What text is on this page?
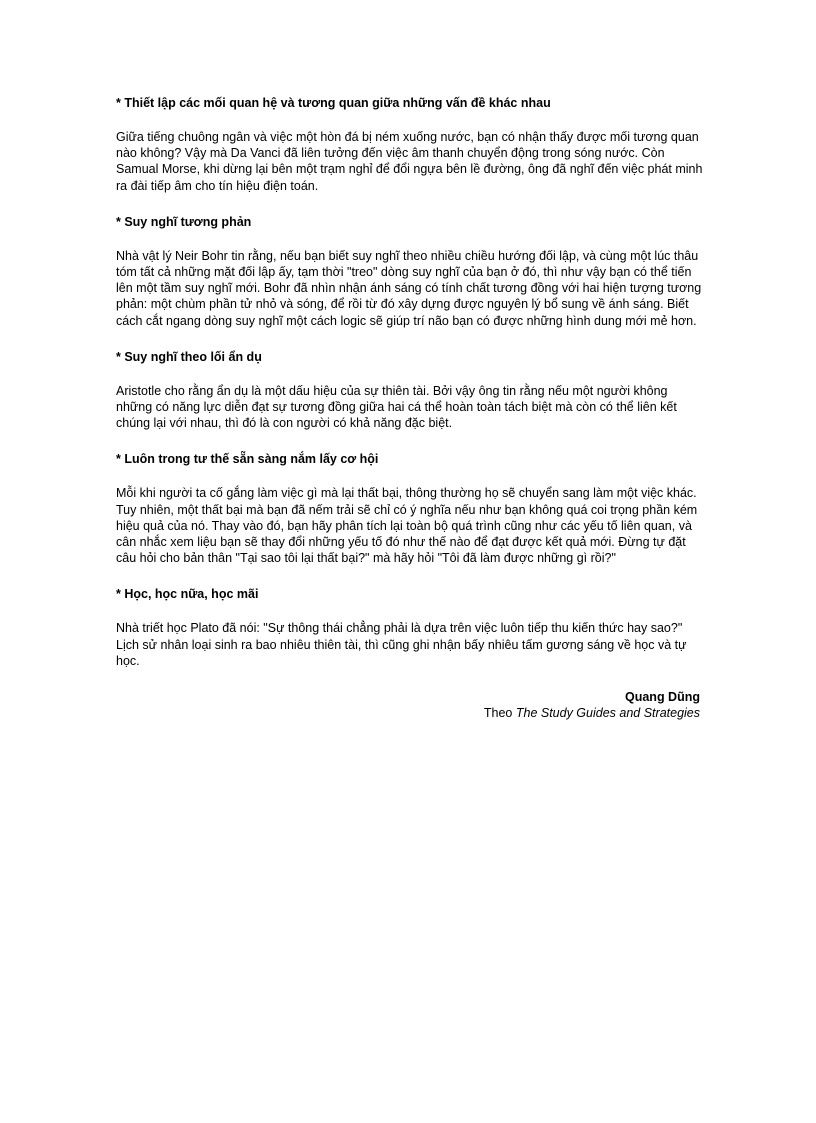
* Thiết lập các mối quan hệ và tương quan giữa những vấn đề khác nhau

Giữa tiếng chuông ngân và việc một hòn đá bị ném xuống nước, bạn có nhận thấy được mối tương quan nào không? Vậy mà Da Vanci đã liên tưởng đến việc âm thanh chuyển động trong sóng nước. Còn Samual Morse, khi dừng lại bên một trạm nghỉ để đổi ngựa bên lề đường, ông đã nghĩ đến việc phát minh ra đài tiếp âm cho tín hiệu điện toán.

* Suy nghĩ tương phản

Nhà vật lý Neir Bohr tin rằng, nếu bạn biết suy nghĩ theo nhiều chiều hướng đối lập, và cùng một lúc thâu tóm tất cả những mặt đối lập ấy, tạm thời "treo" dòng suy nghĩ của bạn ở đó, thì như vậy bạn có thể tiến lên một tầm suy nghĩ mới. Bohr đã nhìn nhận ánh sáng có tính chất tương đồng với hai hiện tượng tương phản: một chùm phần tử nhỏ và sóng, để rồi từ đó xây dựng được nguyên lý bổ sung về ánh sáng. Biết cách cắt ngang dòng suy nghĩ một cách logic sẽ giúp trí não bạn có được những hình dung mới mẻ hơn.

* Suy nghĩ theo lối ẩn dụ

Aristotle cho rằng ẩn dụ là một dấu hiệu của sự thiên tài. Bởi vậy ông tin rằng nếu một người không những có năng lực diễn đạt sự tương đồng giữa hai cá thể hoàn toàn tách biệt mà còn có thể liên kết chúng lại với nhau, thì đó là con người có khả năng đặc biệt.

* Luôn trong tư thế sẵn sàng nắm lấy cơ hội

Mỗi khi người ta cố gắng làm việc gì mà lại thất bại, thông thường họ sẽ chuyển sang làm một việc khác. Tuy nhiên, một thất bại mà bạn đã nếm trải sẽ chỉ có ý nghĩa nếu như bạn không quá coi trọng phần kém hiệu quả của nó. Thay vào đó, bạn hãy phân tích lại toàn bộ quá trình cũng như các yếu tố liên quan, và cân nhắc xem liệu bạn sẽ thay đổi những yếu tố đó như thế nào để đạt được kết quả mới. Đừng tự đặt câu hỏi cho bản thân "Tại sao tôi lại thất bại?" mà hãy hỏi "Tôi đã làm được những gì rồi?"

* Học, học nữa, học mãi

Nhà triết học Plato đã nói: "Sự thông thái chẳng phải là dựa trên việc luôn tiếp thu kiến thức hay sao?" Lịch sử nhân loại sinh ra bao nhiêu thiên tài, thì cũng ghi nhận bấy nhiêu tấm gương sáng về học và tự học.

Quang Dũng
Theo The Study Guides and Strategies
